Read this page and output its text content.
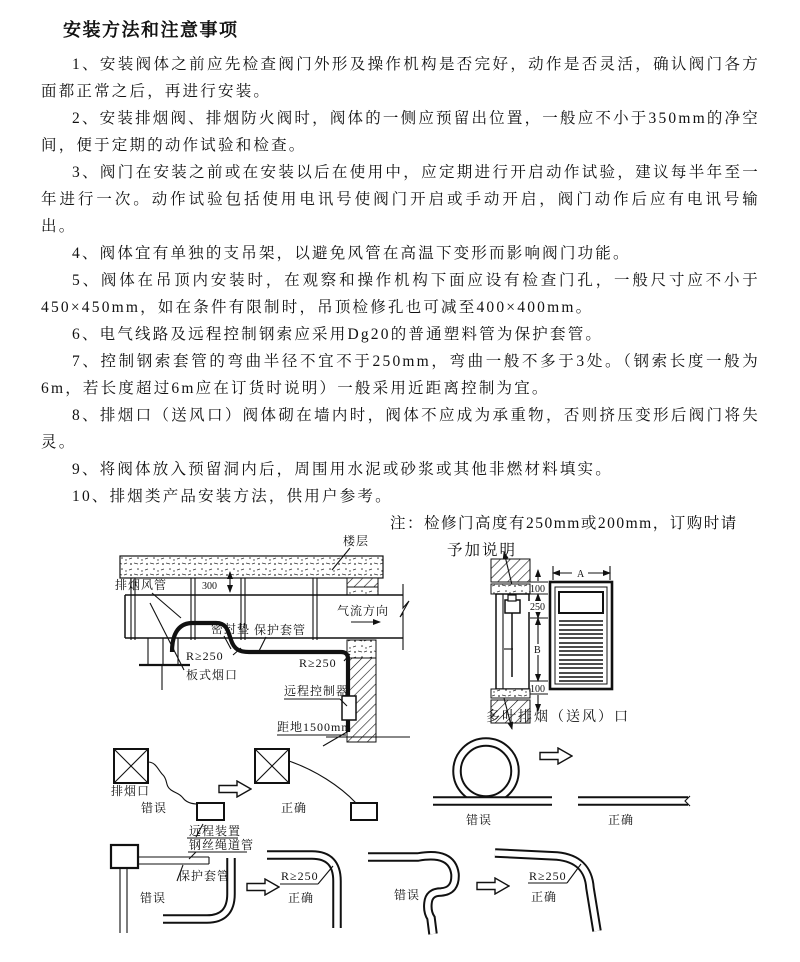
安装方法和注意事项

1、安装阀体之前应先检查阀门外形及操作机构是否完好，动作是否灵活，确认阀门各方面都正常之后，再进行安装。

2、安装排烟阀、排烟防火阀时，阀体的一侧应预留出位置，一般应不小于350mm的净空间，便于定期的动作试验和检查。

3、阀门在安装之前或在安装以后在使用中，应定期进行开启动作试验，建议每半年至一年进行一次。动作试验包括使用电讯号使阀门开启或手动开启，阀门动作后应有电讯号输出。

4、阀体宜有单独的支吊架，以避免风管在高温下变形而影响阀门功能。

5、阀体在吊顶内安装时，在观察和操作机构下面应设有检查门孔，一般尺寸应不小于450×450mm，如在条件有限制时，吊顶检修孔也可减至400×400mm。

6、电气线路及远程控制钢索应采用Dg20的普通塑料管为保护套管。

7、控制钢索套管的弯曲半径不宜不于250mm，弯曲一般不多于3处。（钢索长度一般为6m，若长度超过6m应在订货时说明）一般采用近距离控制为宜。

8、排烟口（送风口）阀体砌在墙内时，阀体不应成为承重物，否则挤压变形后阀门将失灵。

9、将阀体放入预留洞内后，周围用水泥或砂浆或其他非燃材料填实。

10、排烟类产品安装方法，供用户参考。

注：检修门高度有250mm或200mm，订购时请
予加说明
楼层
排烟风管	300
气流方向
板式烟口
密封垫 保护套管
R≥250	R≥250
远程控制器
距地1500mm
100
250
B
100
A
多叶排烟（送风）口
排烟口
错误
远程装置
正确
错误	正确
钢丝绳道管
保护套管
错误
R≥250
正确	错误
R≥250
正确
